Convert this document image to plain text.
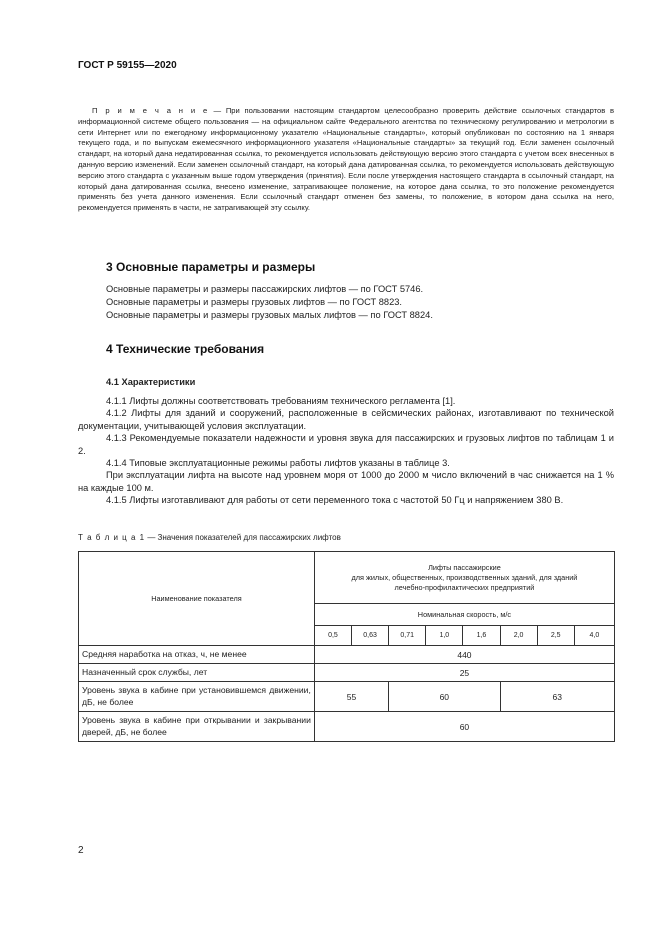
ГОСТ Р 59155—2020

П р и м е ч а н и е — При пользовании настоящим стандартом целесообразно проверить действие ссылочных стандартов в информационной системе общего пользования — на официальном сайте Федерального агентства по техническому регулированию и метрологии в сети Интернет или по ежегодному информационному указателю «Национальные стандарты», который опубликован по состоянию на 1 января текущего года, и по выпускам ежемесячного информационного указателя «Национальные стандарты» за текущий год. Если заменен ссылочный стандарт, на который дана недатированная ссылка, то рекомендуется использовать действующую версию этого стандарта с учетом всех внесенных в данную версию изменений. Если заменен ссылочный стандарт, на который дана датированная ссылка, то рекомендуется использовать действующую версию этого стандарта с указанным выше годом утверждения (принятия). Если после утверждения настоящего стандарта в ссылочный стандарт, на который дана датированная ссылка, внесено изменение, затрагивающее положение, на которое дана ссылка, то это положение рекомендуется применять без учета данного изменения. Если ссылочный стандарт отменен без замены, то положение, в котором дана ссылка на него, рекомендуется применять в части, не затрагивающей эту ссылку.

3 Основные параметры и размеры
Основные параметры и размеры пассажирских лифтов — по ГОСТ 5746.
Основные параметры и размеры грузовых лифтов — по ГОСТ 8823.
Основные параметры и размеры грузовых малых лифтов — по ГОСТ 8824.
4 Технические требования
4.1 Характеристики

4.1.1 Лифты должны соответствовать требованиям технического регламента [1].

4.1.2 Лифты для зданий и сооружений, расположенные в сейсмических районах, изготавливают по технической документации, учитывающей условия эксплуатации.

4.1.3 Рекомендуемые показатели надежности и уровня звука для пассажирских и грузовых лифтов по таблицам 1 и 2.

4.1.4 Типовые эксплуатационные режимы работы лифтов указаны в таблице 3.

При эксплуатации лифта на высоте над уровнем моря от 1000 до 2000 м число включений в час снижается на 1 % на каждые 100 м.

4.1.5 Лифты изготавливают для работы от сети переменного тока с частотой 50 Гц и напряжением 380 В.

Т а б л и ц а 1 — Значения показателей для пассажирских лифтов
Наименование показателя	Лифты пассажирские
для жилых, общественных, производственных зданий, для зданий
лечебно-профилактических предприятий							

	Номинальная скорость, м/с							
	0,5	0,63	0,71	1,0	1,6	2,0	2,5	4,0
Средняя наработка на отказ, ч, не менее	440							
Назначенный срок службы, лет	25							
Уровень звука в кабине при установившемся движении, дБ, не более	55		60			63		
Уровень звука в кабине при открывании и закрывании дверей, дБ, не более	60							
2
